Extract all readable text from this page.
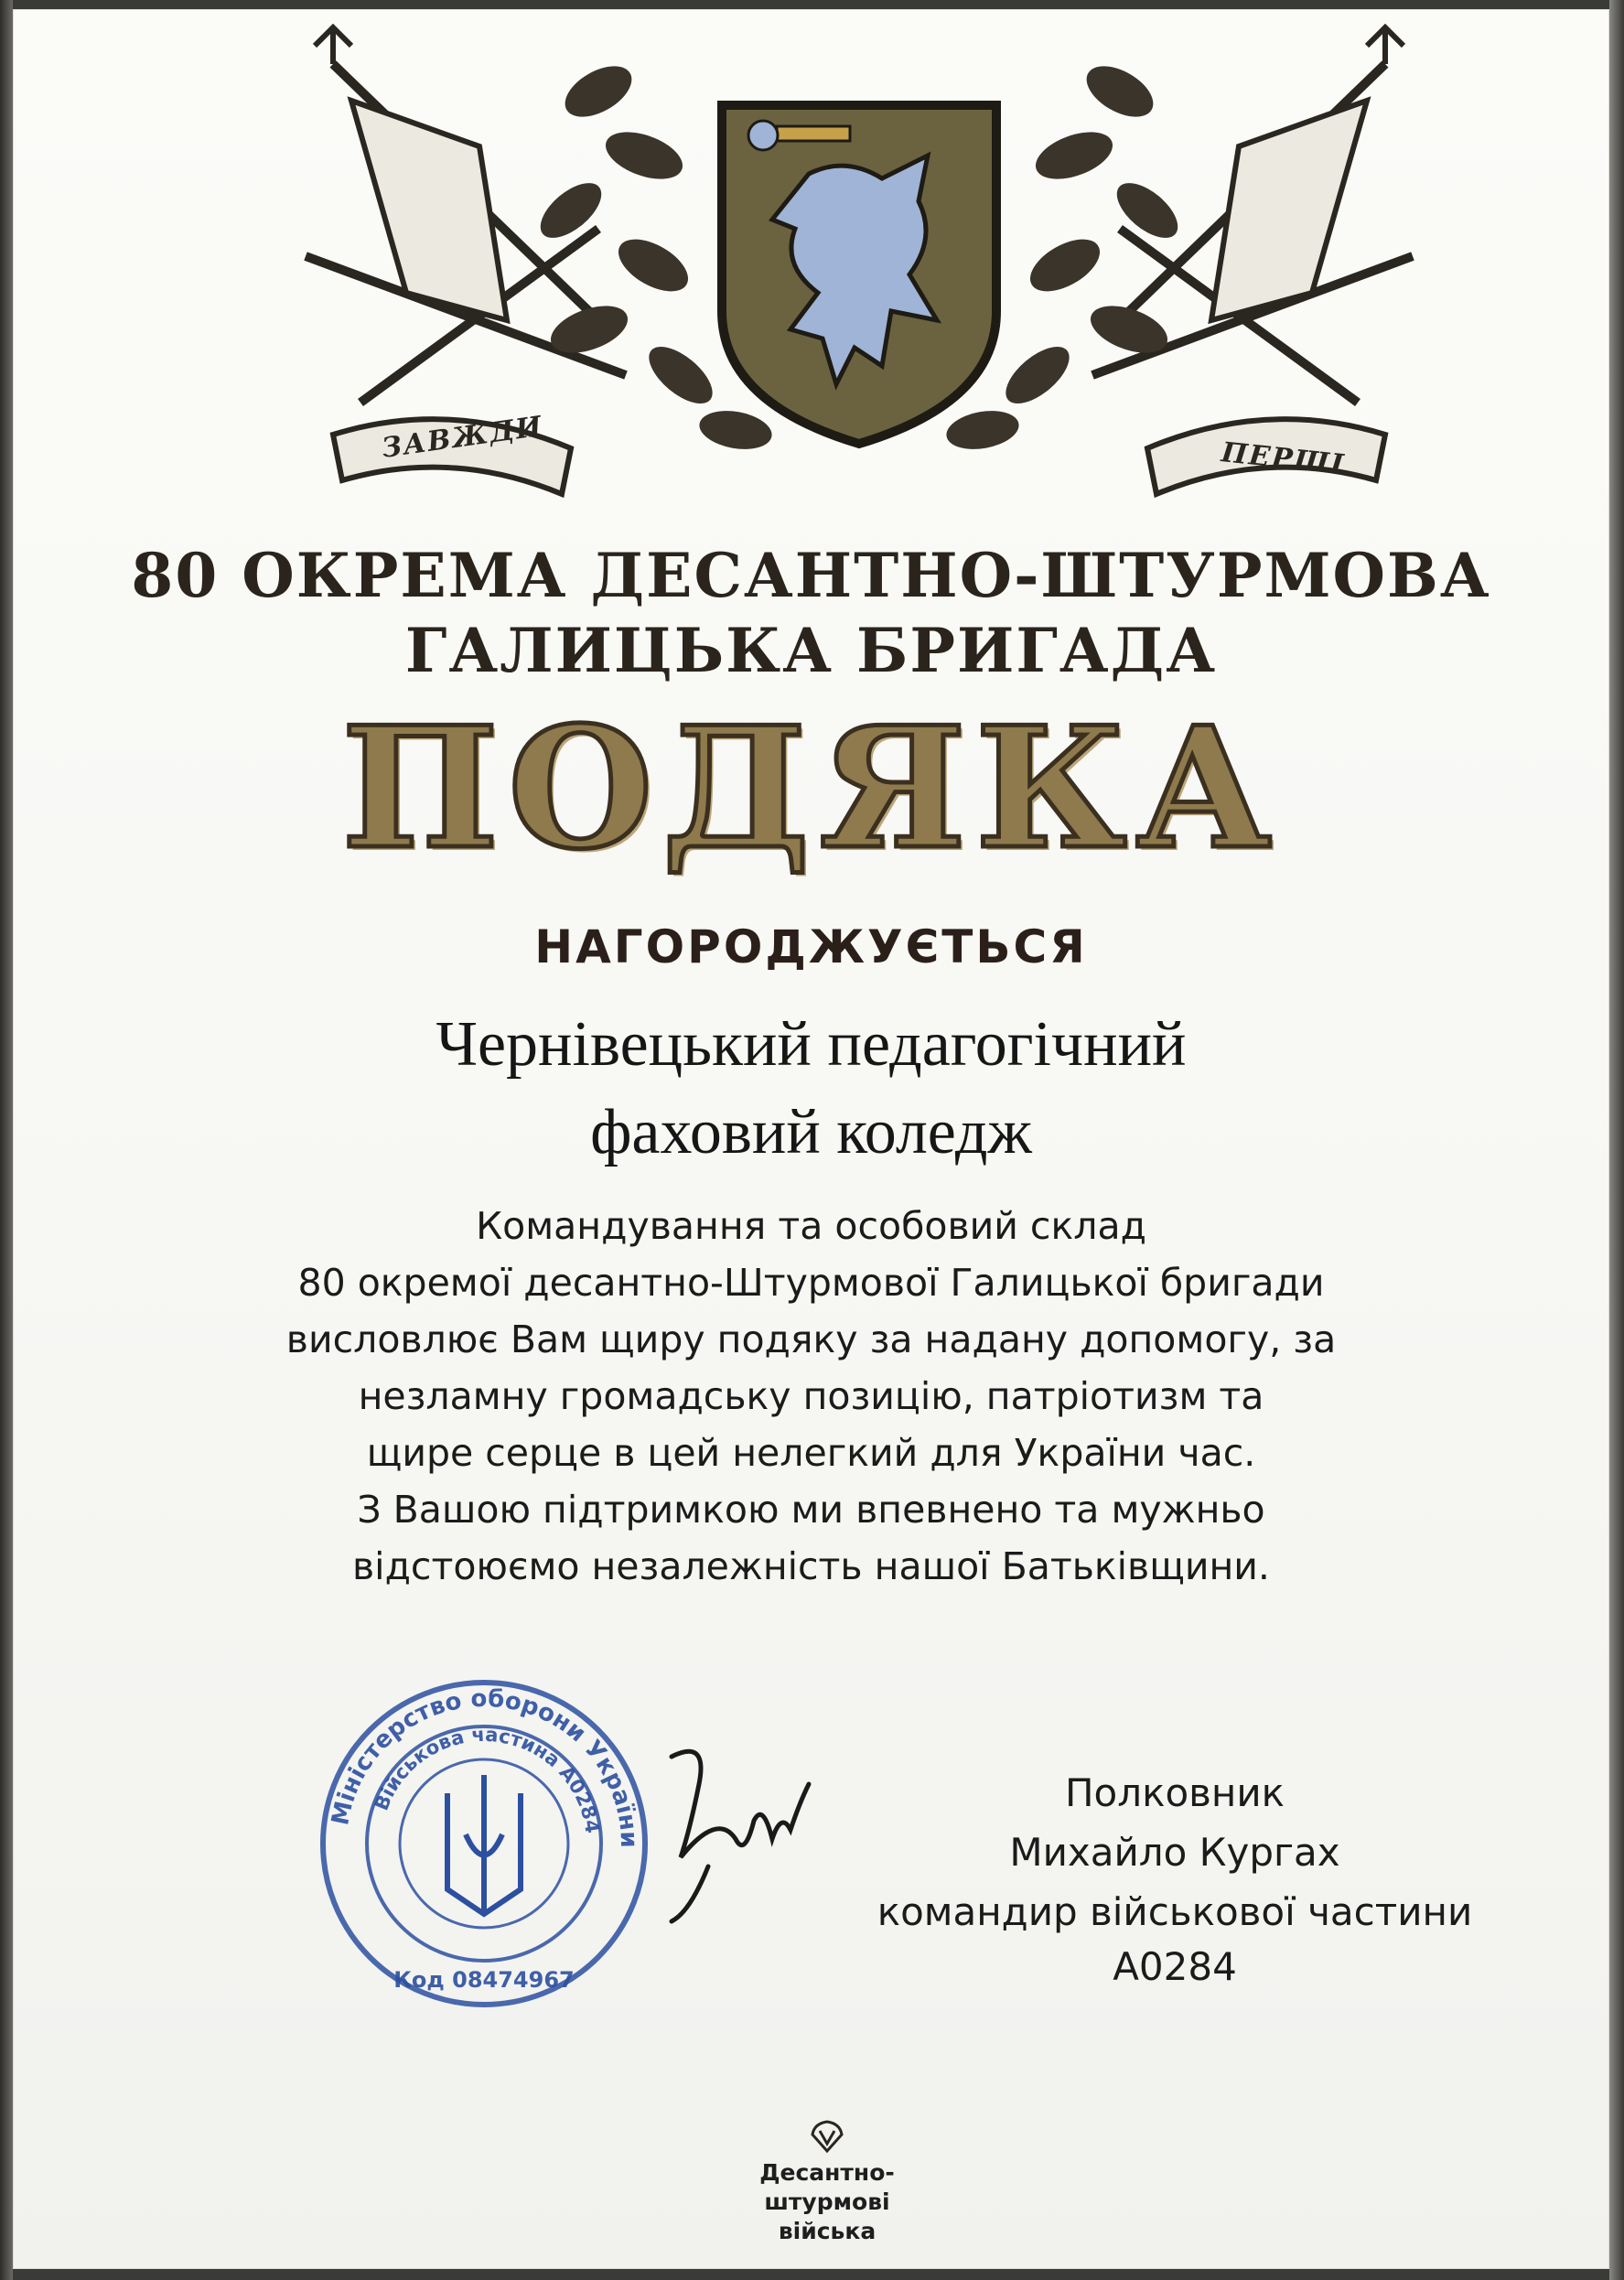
ЗАВЖДИ	ПЕРШІ
80 ОКРЕМА ДЕСАНТНО-ШТУРМОВА
ГАЛИЦЬКА БРИГАДА
ПОДЯКА
НАГОРОДЖУЄТЬСЯ
Чернівецький педагогічний
фаховий коледж
Командування та особовий склад
80 окремої десантно-Штурмової Галицької бригади
висловлює Вам щиру подяку за надану допомогу, за
незламну громадську позицію, патріотизм та
щире серце в цей нелегкий для України час.
З Вашою підтримкою ми впевнено та мужньо
відстоюємо незалежність нашої Батьківщини.
Міністерство оборони України
Військова частина А0284
Код 08474967
Полковник
Михайло Кургах
командир військової частини
А0284
Десантно-
штурмові
війська
